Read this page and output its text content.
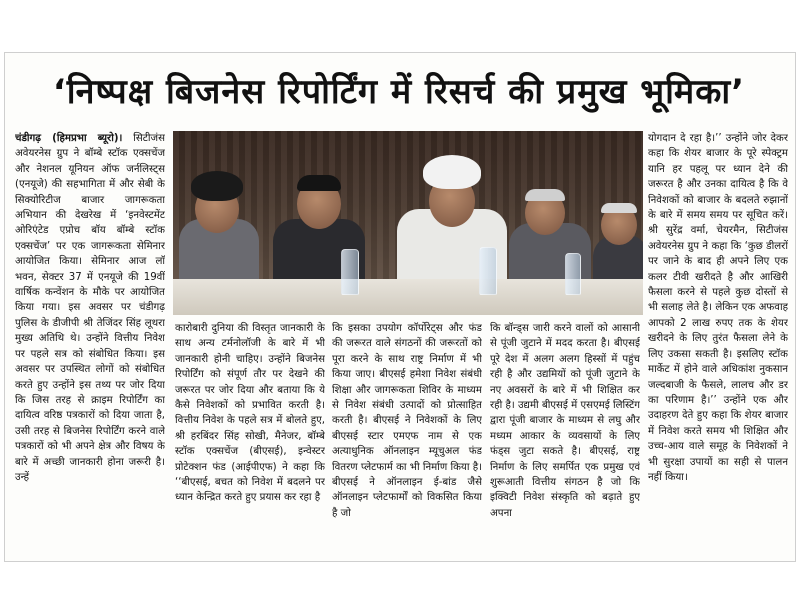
‘निष्पक्ष बिजनेस रिपोर्टिंग में रिसर्च की प्रमुख भूमिका’

चंडीगढ़ (हिमप्रभा ब्यूरो)। सिटीजंस अवेयरनेस ग्रुप ने बॉम्बे स्टॉक एक्सचेंज और नेशनल यूनियन ऑफ जर्नलिस्ट्स (एनयूजे) की सहभागिता में और सेबी के सिक्योरिटीज बाजार जागरूकता अभियान की देखरेख में ‘इनवेस्टमेंट ओरिएंटेड एप्रोच बॉय बॉम्बे स्टॉक एक्सचेंज’ पर एक जागरूकता सेमिनार आयोजित किया। सेमिनार आज लॉ भवन, सेक्टर 37 में एनयूजे की 19वीं वार्षिक कन्वेंशन के मौके पर आयोजित किया गया। इस अवसर पर चंडीगढ़ पुलिस के डीजीपी श्री तेजिंदर सिंह लूथरा मुख्य अतिथि थे। उन्होंने वित्तीय निवेश पर पहले सत्र को संबोधित किया। इस अवसर पर उपस्थित लोगों को संबोधित करते हुए उन्होंने इस तथ्य पर जोर दिया कि जिस तरह से क्राइम रिपोर्टिंग का दायित्व वरिष्ठ पत्रकारों को दिया जाता है, उसी तरह से बिजनेस रिपोर्टिंग करने वाले पत्रकारों को भी अपने क्षेत्र और विषय के बारे में अच्छी जानकारी होना जरूरी है। उन्हें

कारोबारी दुनिया की विस्तृत जानकारी के साथ अन्य टर्मनोलॉजी के बारे में भी जानकारी होनी चाहिए। उन्होंने बिजनेस रिपोर्टिंग को संपूर्ण तौर पर देखने की जरूरत पर जोर दिया और बताया कि ये कैसे निवेशकों को प्रभावित करती है। वित्तीय निवेश के पहले सत्र में बोलते हुए, श्री हरबिंदर सिंह सोखी, मैनेजर, बॉम्बे स्टॉक एक्सचेंज (बीएसई), इन्वेस्टर प्रोटेक्शन फंड (आईपीएफ) ने कहा कि ‘‘बीएसई, बचत को निवेश में बदलने पर ध्यान केन्द्रित करते हुए प्रयास कर रहा है

कि इसका उपयोग कॉर्पोरेट्स और फंड की जरूरत वाले संगठनों की जरूरतों को पूरा करने के साथ राष्ट्र निर्माण में भी किया जाए। बीएसई हमेशा निवेश संबंधी शिक्षा और जागरूकता शिविर के माध्यम से निवेश संबंधी उत्पादों को प्रोत्साहित करती है। बीएसई ने निवेशकों के लिए बीएसई स्टार एमएफ नाम से एक अत्याधुनिक ऑनलाइन म्यूचुअल फंड वितरण प्लेटफार्म का भी निर्माण किया है। बीएसई ने ऑनलाइन ई-बांड जैसे ऑनलाइन प्लेटफार्मों को विकसित किया है जो

कि बॉन्ड्स जारी करने वालों को आसानी से पूंजी जुटाने में मदद करता है। बीएसई पूरे देश में अलग अलग हिस्सों में पहुंच रही है और उद्यमियों को पूंजी जुटाने के नए अवसरों के बारे में भी शिक्षित कर रही है। उद्यमी बीएसई में एसएमई लिस्टिंग द्वारा पूंजी बाजार के माध्यम से लघु और मध्यम आकार के व्यवसायों के लिए फंड्स जुटा सकते है। बीएसई, राष्ट्र निर्माण के लिए समर्पित एक प्रमुख एवं शुरूआती वित्तीय संगठन है जो कि इक्विटी निवेश संस्कृति को बढ़ाते हुए अपना

योगदान दे रहा है।’’ उन्होंने जोर देकर कहा कि शेयर बाजार के पूरे स्पेक्ट्रम यानि हर पहलू पर ध्यान देने की जरूरत है और उनका दायित्व है कि वे निवेशकों को बाजार के बदलते रुझानों के बारे में समय समय पर सूचित करें। श्री सुरेंद्र वर्मा, चेयरमैन, सिटीजंस अवेयरनेस ग्रुप ने कहा कि ‘कुछ डीलरों पर जाने के बाद ही अपने लिए एक कलर टीवी खरीदते है और आखिरी फैसला करने से पहले कुछ दोस्तों से भी सलाह लेते है। लेकिन एक अफवाह आपको 2 लाख रुपए तक के शेयर खरीदने के लिए तुरंत फैसला लेने के लिए उकसा सकती है। इसलिए स्टॉक मार्केट में होने वाले अधिकांश नुकसान जल्दबाजी के फैसले, लालच और डर का परिणाम है।’’ उन्होंने एक और उदाहरण देते हुए कहा कि शेयर बाजार में निवेश करते समय भी शिक्षित और उच्च-आय वाले समूह के निवेशकों ने भी सुरक्षा उपायों का सही से पालन नहीं किया।
